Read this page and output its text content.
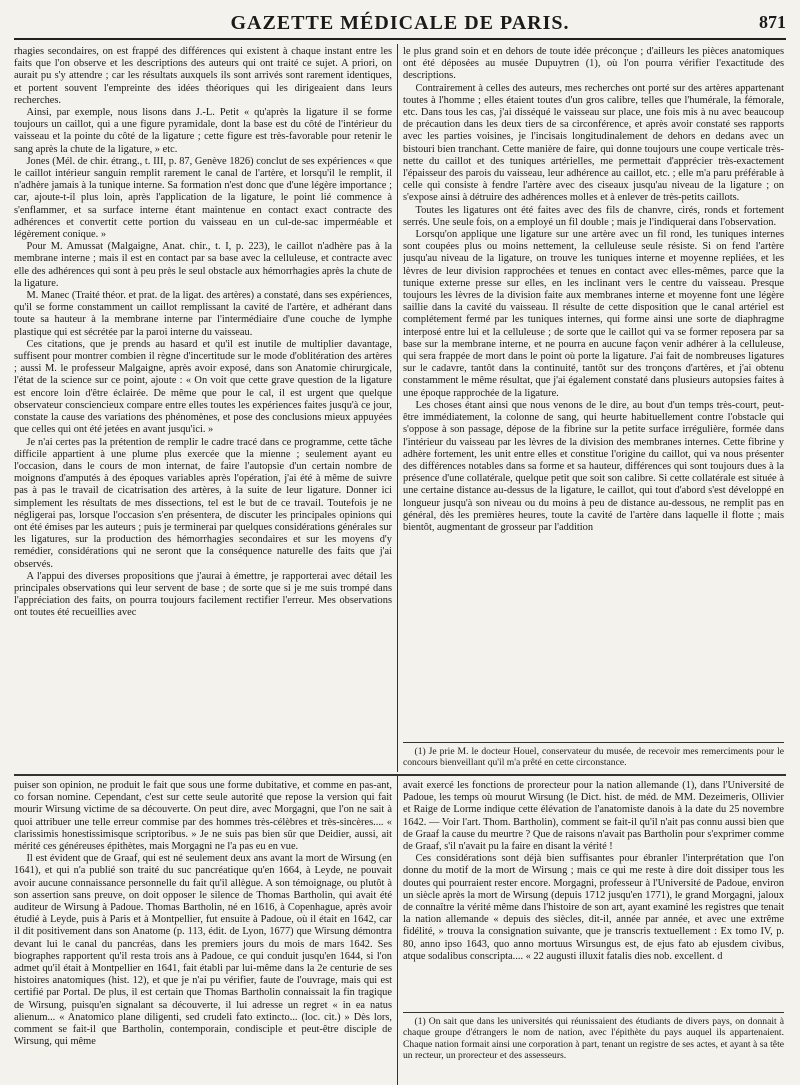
GAZETTE MÉDICALE DE PARIS.	871

rhagies secondaires, on est frappé des différences qui existent à chaque instant entre les faits que l'on observe et les descriptions des auteurs qui ont traité ce sujet. A priori, on aurait pu s'y attendre ; car les résultats auxquels ils sont arrivés sont rarement identiques, et portent souvent l'empreinte des idées théoriques qui les dirigeaient dans leurs recherches.

Ainsi, par exemple, nous lisons dans J.-L. Petit « qu'après la ligature il se forme toujours un caillot, qui a une figure pyramidale, dont la base est du côté de l'intérieur du vaisseau et la pointe du côté de la ligature ; cette figure est très-favorable pour retenir le sang après la chute de la ligature, » etc.

Jones (Mél. de chir. étrang., t. III, p. 87, Genève 1826) conclut de ses expériences « que le caillot intérieur sanguin remplit rarement le canal de l'artère, et lorsqu'il le remplit, il n'adhère jamais à la tunique interne. Sa formation n'est donc que d'une légère importance ; car, ajoute-t-il plus loin, après l'application de la ligature, le point lié commence à s'enflammer, et sa surface interne étant maintenue en contact exact contracte des adhérences et convertit cette portion du vaisseau en un cul-de-sac imperméable et légèrement conique. »

Pour M. Amussat (Malgaigne, Anat. chir., t. I, p. 223), le caillot n'adhère pas à la membrane interne ; mais il est en contact par sa base avec la celluleuse, et contracte avec elle des adhérences qui sont à peu près le seul obstacle aux hémorrhagies après la chute de la ligature.

M. Manec (Traité théor. et prat. de la ligat. des artères) a constaté, dans ses expériences, qu'il se forme constamment un caillot remplissant la cavité de l'artère, et adhérant dans toute sa hauteur à la membrane interne par l'intermédiaire d'une couche de lymphe plastique qui est sécrétée par la paroi interne du vaisseau.

Ces citations, que je prends au hasard et qu'il est inutile de multiplier davantage, suffisent pour montrer combien il règne d'incertitude sur le mode d'oblitération des artères ; aussi M. le professeur Malgaigne, après avoir exposé, dans son Anatomie chirurgicale, l'état de la science sur ce point, ajoute : « On voit que cette grave question de la ligature est encore loin d'être éclairée. De même que pour le cal, il est urgent que quelque observateur consciencieux compare entre elles toutes les expériences faites jusqu'à ce jour, constate la cause des variations des phénomènes, et pose des conclusions mieux appuyées que celles qui ont été jetées en avant jusqu'ici. »

Je n'ai certes pas la prétention de remplir le cadre tracé dans ce programme, cette tâche difficile appartient à une plume plus exercée que la mienne ; seulement ayant eu l'occasion, dans le cours de mon internat, de faire l'autopsie d'un certain nombre de moignons d'amputés à des époques variables après l'opération, j'ai été à même de suivre pas à pas le travail de cicatrisation des artères, à la suite de leur ligature. Donner ici simplement les résultats de mes dissections, tel est le but de ce travail. Toutefois je ne négligerai pas, lorsque l'occasion s'en présentera, de discuter les principales opinions qui ont été émises par les auteurs ; puis je terminerai par quelques considérations générales sur les ligatures, sur la production des hémorrhagies secondaires et sur les moyens d'y remédier, considérations qui ne seront que la conséquence naturelle des faits que j'ai observés.

A l'appui des diverses propositions que j'aurai à émettre, je rapporterai avec détail les principales observations qui leur servent de base ; de sorte que si je me suis trompé dans l'appréciation des faits, on pourra toujours facilement rectifier l'erreur. Mes observations ont toutes été recueillies avec

le plus grand soin et en dehors de toute idée préconçue ; d'ailleurs les pièces anatomiques ont été déposées au musée Dupuytren (1), où l'on pourra vérifier l'exactitude des descriptions.

Contrairement à celles des auteurs, mes recherches ont porté sur des artères appartenant toutes à l'homme ; elles étaient toutes d'un gros calibre, telles que l'humérale, la fémorale, etc. Dans tous les cas, j'ai disséqué le vaisseau sur place, une fois mis à nu avec beaucoup de précaution dans les deux tiers de sa circonférence, et après avoir constaté ses rapports avec les parties voisines, je l'incisais longitudinalement de dehors en dedans avec un bistouri bien tranchant. Cette manière de faire, qui donne toujours une coupe verticale très-nette du caillot et des tuniques artérielles, me permettait d'apprécier très-exactement l'épaisseur des parois du vaisseau, leur adhérence au caillot, etc. ; elle m'a paru préférable à celle qui consiste à fendre l'artère avec des ciseaux jusqu'au niveau de la ligature ; on s'expose ainsi à détruire des adhérences molles et à enlever de très-petits caillots.

Toutes les ligatures ont été faites avec des fils de chanvre, cirés, ronds et fortement serrés. Une seule fois, on a employé un fil double ; mais je l'indiquerai dans l'observation.

Lorsqu'on applique une ligature sur une artère avec un fil rond, les tuniques internes sont coupées plus ou moins nettement, la celluleuse seule résiste. Si on fend l'artère jusqu'au niveau de la ligature, on trouve les tuniques interne et moyenne repliées, et les lèvres de leur division rapprochées et tenues en contact avec elles-mêmes, parce que la tunique externe presse sur elles, en les inclinant vers le centre du vaisseau. Presque toujours les lèvres de la division faite aux membranes interne et moyenne font une légère saillie dans la cavité du vaisseau. Il résulte de cette disposition que le canal artériel est complétement fermé par les tuniques internes, qui forme ainsi une sorte de diaphragme interposé entre lui et la celluleuse ; de sorte que le caillot qui va se former reposera par sa base sur la membrane interne, et ne pourra en aucune façon venir adhérer à la celluleuse, qui sera frappée de mort dans le point où porte la ligature. J'ai fait de nombreuses ligatures sur le cadavre, tantôt dans la continuité, tantôt sur des tronçons d'artères, et j'ai obtenu constamment le même résultat, que j'ai également constaté dans plusieurs autopsies faites à une époque rapprochée de la ligature.

Les choses étant ainsi que nous venons de le dire, au bout d'un temps très-court, peut-être immédiatement, la colonne de sang, qui heurte habituellement contre l'obstacle qui s'oppose à son passage, dépose de la fibrine sur la petite surface irrégulière, formée dans l'intérieur du vaisseau par les lèvres de la division des membranes internes. Cette fibrine y adhère fortement, les unit entre elles et constitue l'origine du caillot, qui va nous présenter des différences notables dans sa forme et sa hauteur, différences qui sont toujours dues à la présence d'une collatérale, quelque petit que soit son calibre. Si cette collatérale est située à une certaine distance au-dessus de la ligature, le caillot, qui tout d'abord s'est développé en longueur jusqu'à son niveau ou du moins à peu de distance au-dessous, ne remplit pas en général, dès les premières heures, toute la cavité de l'artère dans laquelle il flotte ; mais bientôt, augmentant de grosseur par l'addition

(1) Je prie M. le docteur Houel, conservateur du musée, de recevoir mes remerciments pour le concours bienveillant qu'il m'a prêté en cette circonstance.

puiser son opinion, ne produit le fait que sous une forme dubitative, et comme en pas-ant, co forsan nomine. Cependant, c'est sur cette seule autorité que repose la version qui fait mourir Wirsung victime de sa découverte. On peut dire, avec Morgagni, que l'on ne sait à quoi attribuer une telle erreur commise par des hommes très-célèbres et très-sincères.... « clarissimis honestissimisque scriptoribus. » Je ne suis pas bien sûr que Deidier, aussi, ait mérité ces généreuses épithètes, mais Morgagni ne l'a pas eu en vue.

Il est évident que de Graaf, qui est né seulement deux ans avant la mort de Wirsung (en 1641), et qui n'a publié son traité du suc pancréatique qu'en 1664, à Leyde, ne pouvait avoir aucune connaissance personnelle du fait qu'il allègue. A son témoignage, ou plutôt à son assertion sans preuve, on doit opposer le silence de Thomas Bartholin, qui avait été auditeur de Wirsung à Padoue. Thomas Bartholin, né en 1616, à Copenhague, après avoir étudié à Leyde, puis à Paris et à Montpellier, fut ensuite à Padoue, où il était en 1642, car il dit positivement dans son Anatome (p. 113, édit. de Lyon, 1677) que Wirsung démontra devant lui le canal du pancréas, dans les premiers jours du mois de mars 1642. Ses biographes rapportent qu'il resta trois ans à Padoue, ce qui conduit jusqu'en 1644, si l'on admet qu'il était à Montpellier en 1641, fait établi par lui-même dans la 2e centurie de ses histoires anatomiques (hist. 12), et que je n'ai pu vérifier, faute de l'ouvrage, mais qui est certifié par Portal. De plus, il est certain que Thomas Bartholin connaissait la fin tragique de Wirsung, puisqu'en signalant sa découverte, il lui adresse un regret « in ea natus alienum... « Anatomico plane diligenti, sed crudeli fato extincto... (loc. cit.) » Dès lors, comment se fait-il que Bartholin, contemporain, condisciple et peut-être disciple de Wirsung, qui même

avait exercé les fonctions de prorecteur pour la nation allemande (1), dans l'Université de Padoue, les temps où mourut Wirsung (le Dict. hist. de méd. de MM. Dezeimeris, Ollivier et Raige de Lorme indique cette élévation de l'anatomiste danois à la date du 25 novembre 1642. — Voir l'art. Thom. Bartholin), comment se fait-il qu'il n'ait pas connu aussi bien que de Graaf la cause du meurtre ? Que de raisons n'avait pas Bartholin pour s'exprimer comme de Graaf, s'il n'avait pu la faire en disant la vérité !

Ces considérations sont déjà bien suffisantes pour ébranler l'interprétation que l'on donne du motif de la mort de Wirsung ; mais ce qui me reste à dire doit dissiper tous les doutes qui pourraient rester encore. Morgagni, professeur à l'Université de Padoue, environ un siècle après la mort de Wirsung (depuis 1712 jusqu'en 1771), le grand Morgagni, jaloux de connaître la vérité même dans l'histoire de son art, ayant examiné les registres que tenait la nation allemande « depuis des siècles, dit-il, année par année, et avec une extrême fidélité, » trouva la consignation suivante, que je transcris textuellement : Ex tomo IV, p. 80, anno ipso 1643, quo anno mortuus Wirsungus est, de ejus fato ab ejusdem civibus, atque sodalibus conscripta.... « 22 augusti illuxit fatalis dies nob. excellent. d

(1) On sait que dans les universités qui réunissaient des étudiants de divers pays, on donnait à chaque groupe d'étrangers le nom de nation, avec l'épithète du pays auquel ils appartenaient. Chaque nation formait ainsi une corporation à part, tenant un registre de ses actes, et ayant à sa tête un recteur, un prorecteur et des assesseurs.
